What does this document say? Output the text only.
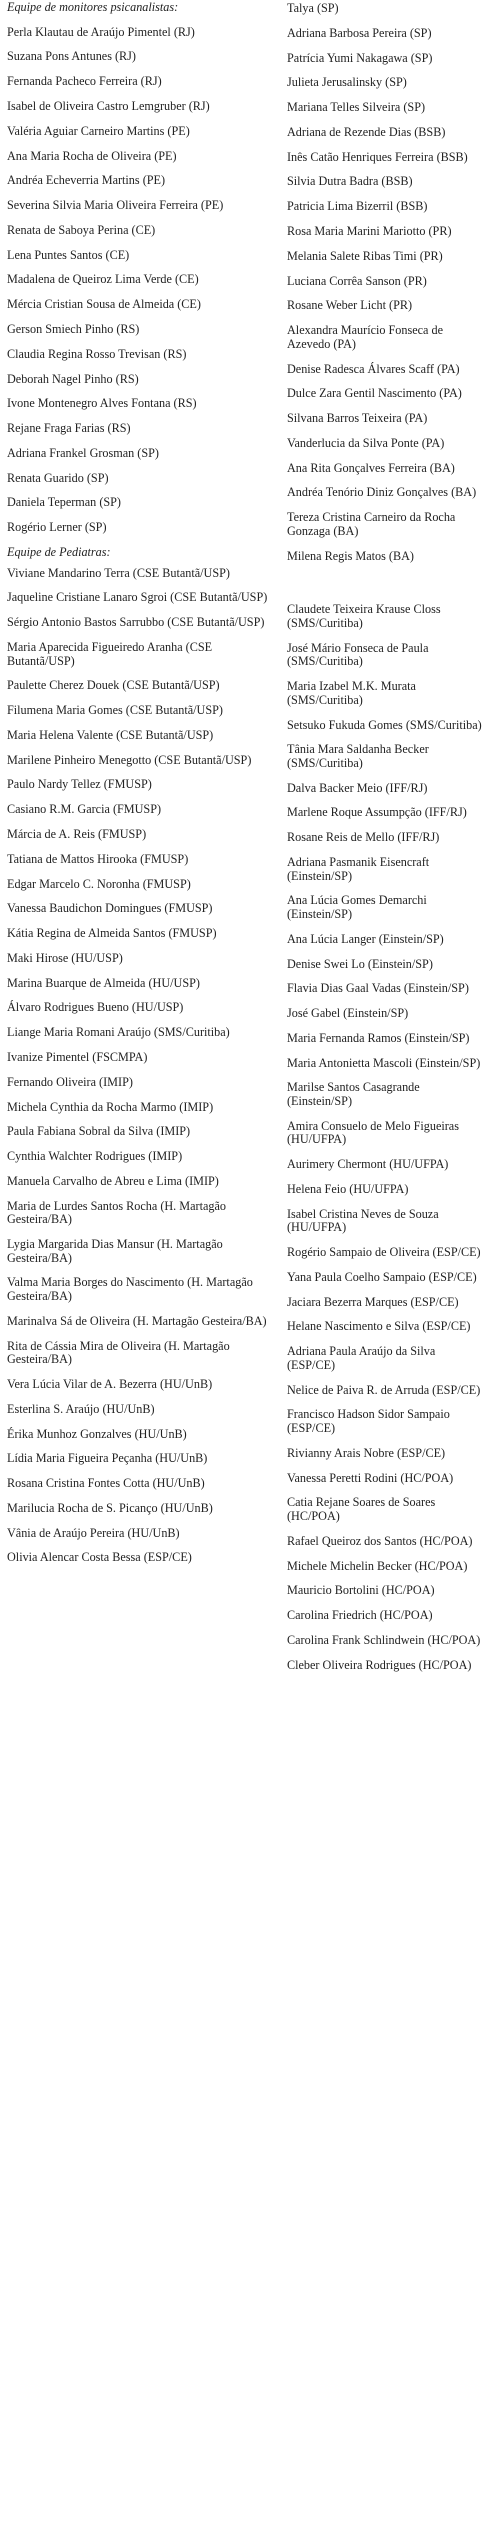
Equipe de monitores psicanalistas:

Perla Klautau de Araújo Pimentel (RJ)

Suzana Pons Antunes (RJ)

Fernanda Pacheco Ferreira (RJ)

Isabel de Oliveira Castro Lemgruber (RJ)

Valéria Aguiar Carneiro Martins (PE)

Ana Maria Rocha de Oliveira (PE)

Andréa Echeverria Martins (PE)

Severina Silvia Maria Oliveira Ferreira (PE)

Renata de Saboya Perina (CE)

Lena Puntes Santos (CE)

Madalena de Queiroz Lima Verde (CE)

Mércia Cristian Sousa de Almeida (CE)

Gerson Smiech Pinho (RS)

Claudia Regina Rosso Trevisan (RS)

Deborah Nagel Pinho (RS)

Ivone Montenegro Alves Fontana (RS)

Rejane Fraga Farias (RS)

Adriana Frankel Grosman (SP)

Renata Guarido (SP)

Daniela Teperman (SP)

Rogério Lerner (SP)

Equipe de Pediatras:

Viviane Mandarino Terra (CSE Butantã/USP)

Jaqueline Cristiane Lanaro Sgroi (CSE Butantã/USP)

Sérgio Antonio Bastos Sarrubbo (CSE Butantã/USP)

Maria Aparecida Figueiredo Aranha (CSE Butantã/USP)

Paulette Cherez Douek (CSE Butantã/USP)

Filumena Maria Gomes (CSE Butantã/USP)

Maria Helena Valente (CSE Butantã/USP)

Marilene Pinheiro Menegotto (CSE Butantã/USP)

Paulo Nardy Tellez (FMUSP)

Casiano R.M. Garcia (FMUSP)

Márcia de A. Reis (FMUSP)

Tatiana de Mattos Hirooka (FMUSP)

Edgar Marcelo C. Noronha (FMUSP)

Vanessa Baudichon Domingues (FMUSP)

Kátia Regina de Almeida Santos (FMUSP)

Maki Hirose (HU/USP)

Marina Buarque de Almeida (HU/USP)

Álvaro Rodrigues Bueno (HU/USP)

Liange Maria Romani Araújo (SMS/Curitiba)

Ivanize Pimentel (FSCMPA)

Fernando Oliveira (IMIP)

Michela Cynthia da Rocha Marmo (IMIP)

Paula Fabiana Sobral da Silva (IMIP)

Cynthia Walchter Rodrigues (IMIP)

Manuela Carvalho de Abreu e Lima (IMIP)

Maria de Lurdes Santos Rocha (H. Martagão Gesteira/BA)

Lygia Margarida Dias Mansur (H. Martagão Gesteira/BA)

Valma Maria Borges do Nascimento (H. Martagão Gesteira/BA)

Marinalva Sá de Oliveira (H. Martagão Gesteira/BA)

Rita de Cássia Mira de Oliveira (H. Martagão Gesteira/BA)

Vera Lúcia Vilar de A. Bezerra (HU/UnB)

Esterlina S. Araújo (HU/UnB)

Érika Munhoz Gonzalves (HU/UnB)

Lídia Maria Figueira Peçanha (HU/UnB)

Rosana Cristina Fontes Cotta (HU/UnB)

Marilucia Rocha de S. Picanço (HU/UnB)

Vânia de Araújo Pereira (HU/UnB)

Olivia Alencar Costa Bessa (ESP/CE)

Talya (SP)

Adriana Barbosa Pereira (SP)

Patrícia Yumi Nakagawa (SP)

Julieta Jerusalinsky (SP)

Mariana Telles Silveira (SP)

Adriana de Rezende Dias (BSB)

Inês Catão Henriques Ferreira (BSB)

Silvia Dutra Badra (BSB)

Patricia Lima Bizerril (BSB)

Rosa Maria Marini Mariotto (PR)

Melania Salete Ribas Timi (PR)

Luciana Corrêa Sanson (PR)

Rosane Weber Licht (PR)

Alexandra Maurício Fonseca de Azevedo (PA)

Denise Radesca Álvares Scaff (PA)

Dulce Zara Gentil Nascimento (PA)

Silvana Barros Teixeira (PA)

Vanderlucia da Silva Ponte (PA)

Ana Rita Gonçalves Ferreira (BA)

Andréa Tenório Diniz Gonçalves (BA)

Tereza Cristina Carneiro da Rocha Gonzaga (BA)

Milena Regis Matos (BA)

Claudete Teixeira Krause Closs (SMS/Curitiba)

José Mário Fonseca de Paula (SMS/Curitiba)

Maria Izabel M.K. Murata (SMS/Curitiba)

Setsuko Fukuda Gomes (SMS/Curitiba)

Tânia Mara Saldanha Becker (SMS/Curitiba)

Dalva Backer Meio (IFF/RJ)

Marlene Roque Assumpção (IFF/RJ)

Rosane Reis de Mello (IFF/RJ)

Adriana Pasmanik Eisencraft (Einstein/SP)

Ana Lúcia Gomes Demarchi (Einstein/SP)

Ana Lúcia Langer (Einstein/SP)

Denise Swei Lo (Einstein/SP)

Flavia Dias Gaal Vadas (Einstein/SP)

José Gabel (Einstein/SP)

Maria Fernanda Ramos (Einstein/SP)

Maria Antonietta Mascoli (Einstein/SP)

Marilse Santos Casagrande (Einstein/SP)

Amira Consuelo de Melo Figueiras (HU/UFPA)

Aurimery Chermont (HU/UFPA)

Helena Feio (HU/UFPA)

Isabel Cristina Neves de Souza (HU/UFPA)

Rogério Sampaio de Oliveira (ESP/CE)

Yana Paula Coelho Sampaio (ESP/CE)

Jaciara Bezerra Marques (ESP/CE)

Helane Nascimento e Silva (ESP/CE)

Adriana Paula Araújo da Silva (ESP/CE)

Nelice de Paiva R. de Arruda (ESP/CE)

Francisco Hadson Sidor Sampaio (ESP/CE)

Rivianny Arais Nobre (ESP/CE)

Vanessa Peretti Rodini (HC/POA)

Catia Rejane Soares de Soares (HC/POA)

Rafael Queiroz dos Santos (HC/POA)

Michele Michelin Becker (HC/POA)

Mauricio Bortolini (HC/POA)

Carolina Friedrich (HC/POA)

Carolina Frank Schlindwein (HC/POA)

Cleber Oliveira Rodrigues (HC/POA)
